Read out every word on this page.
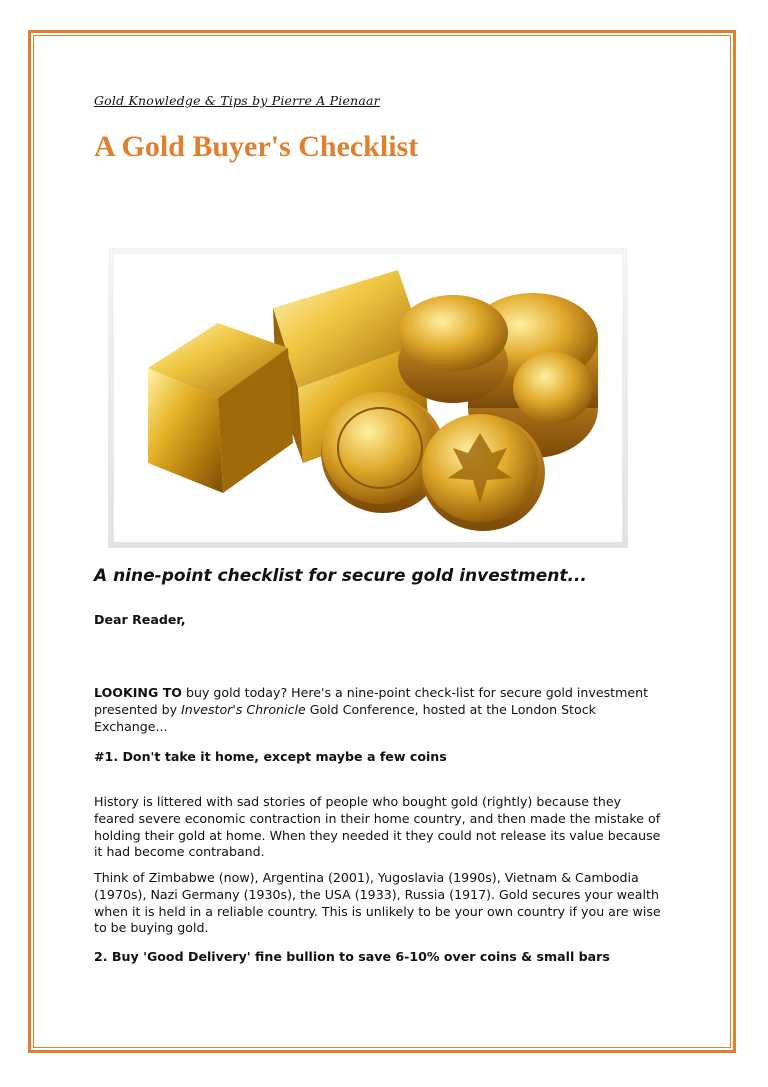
Gold Knowledge & Tips by Pierre A Pienaar
A Gold Buyer's Checklist
A nine-point checklist for secure gold investment...
Dear Reader,
LOOKING TO buy gold today? Here's a nine-point check-list for secure gold investment presented by Investor's Chronicle Gold Conference, hosted at the London Stock Exchange...
#1. Don't take it home, except maybe a few coins
History is littered with sad stories of people who bought gold (rightly) because they feared severe economic contraction in their home country, and then made the mistake of holding their gold at home. When they needed it they could not release its value because it had become contraband.
Think of Zimbabwe (now), Argentina (2001), Yugoslavia (1990s), Vietnam & Cambodia (1970s), Nazi Germany (1930s), the USA (1933), Russia (1917). Gold secures your wealth when it is held in a reliable country. This is unlikely to be your own country if you are wise to be buying gold.
2. Buy 'Good Delivery' fine bullion to save 6-10% over coins & small bars
